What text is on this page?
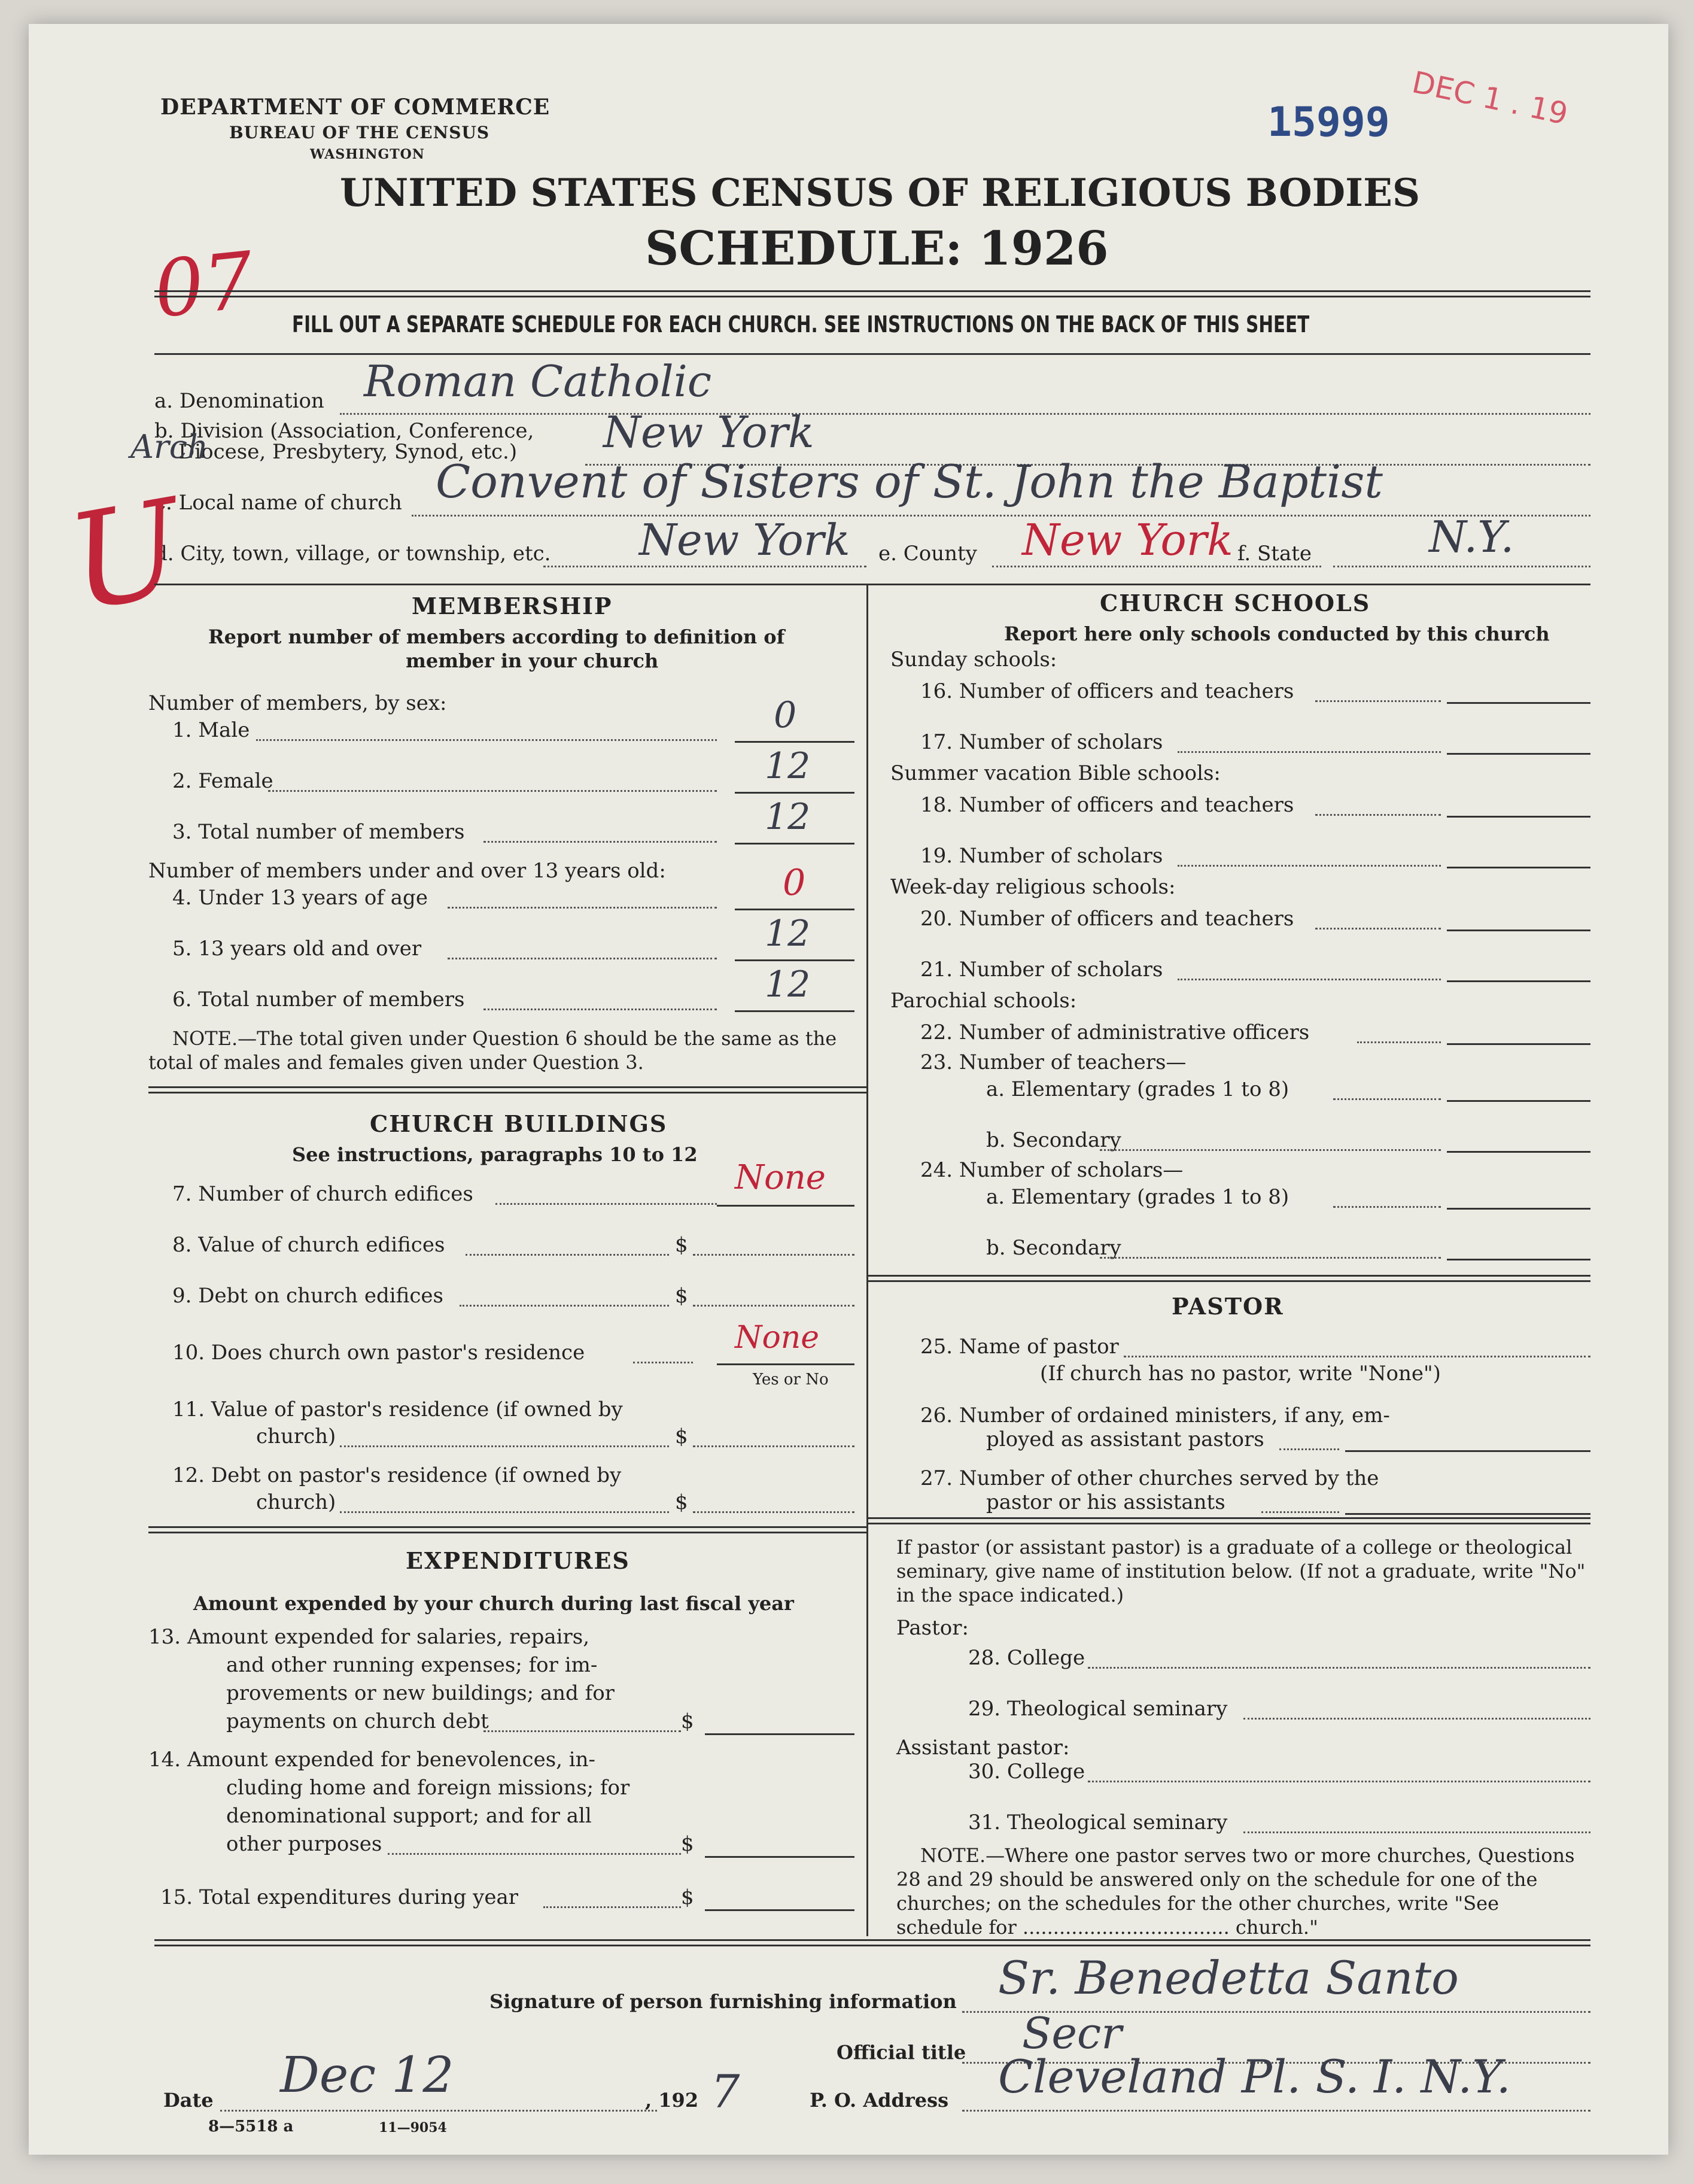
DEPARTMENT OF COMMERCE
BUREAU OF THE CENSUS
WASHINGTON
UNITED STATES CENSUS OF RELIGIOUS BODIES
SCHEDULE: 1926
15999 DEC 1 . 19
07 FILL OUT A SEPARATE SCHEDULE FOR EACH CHURCH. SEE INSTRUCTIONS ON THE BACK OF THIS SHEET
a. Denomination Roman Catholic
b. Division (Association, Conference,
Diocese, Presbytery, Synod, etc.)
Arch	New York
c. Local name of church Convent of Sisters of St. John the Baptist
d. City, town, village, or township, etc. New York e. County New York f. State	N.Y.
U	MEMBERSHIP
Report number of members according to definition of
member in your church
Number of members, by sex:
1. Male	0
2. Female	12
3. Total number of members	12
Number of members under and over 13 years old:
4. Under 13 years of age	0
5. 13 years old and over	12
6. Total number of members	12
NOTE.—The total given under Question 6 should be the same as the total of males and females given under Question 3.
CHURCH BUILDINGS
See instructions, paragraphs 10 to 12
7. Number of church edifices	None
8. Value of church edifices	$
9. Debt on church edifices	$
10. Does church own pastor's residence	None
Yes or No
11. Value of pastor's residence (if owned by
church)	$
12. Debt on pastor's residence (if owned by
church)	$
EXPENDITURES
Amount expended by your church during last fiscal year
13. Amount expended for salaries, repairs,
and other running expenses; for im-
provements or new buildings; and for
payments on church debt	$
14. Amount expended for benevolences, in-
cluding home and foreign missions; for
denominational support; and for all
other purposes	$
15. Total expenditures during year	$
CHURCH SCHOOLS
Report here only schools conducted by this church
Sunday schools:
16. Number of officers and teachers
17. Number of scholars
Summer vacation Bible schools:
18. Number of officers and teachers
19. Number of scholars
Week-day religious schools:
20. Number of officers and teachers
21. Number of scholars
Parochial schools:
22. Number of administrative officers
23. Number of teachers—
a. Elementary (grades 1 to 8)
b. Secondary
24. Number of scholars—
a. Elementary (grades 1 to 8)
b. Secondary
PASTOR
25. Name of pastor
(If church has no pastor, write "None")
26. Number of ordained ministers, if any, em-
ployed as assistant pastors
27. Number of other churches served by the
pastor or his assistants
If pastor (or assistant pastor) is a graduate of a college or theological seminary, give name of institution below. (If not a graduate, write "No" in the space indicated.)
Pastor:
28. College
29. Theological seminary
Assistant pastor:
30. College
31. Theological seminary
NOTE.—Where one pastor serves two or more churches, Questions 28 and 29 should be answered only on the schedule for one of the churches; on the schedules for the other churches, write "See schedule for .................................. church."
Signature of person furnishing information Sr. Benedetta Santo
Official title Secr
Date Dec 12	, 192 7	P. O. Address Cleveland Pl. S. I. N.Y.
8—5518 a	11—9054
